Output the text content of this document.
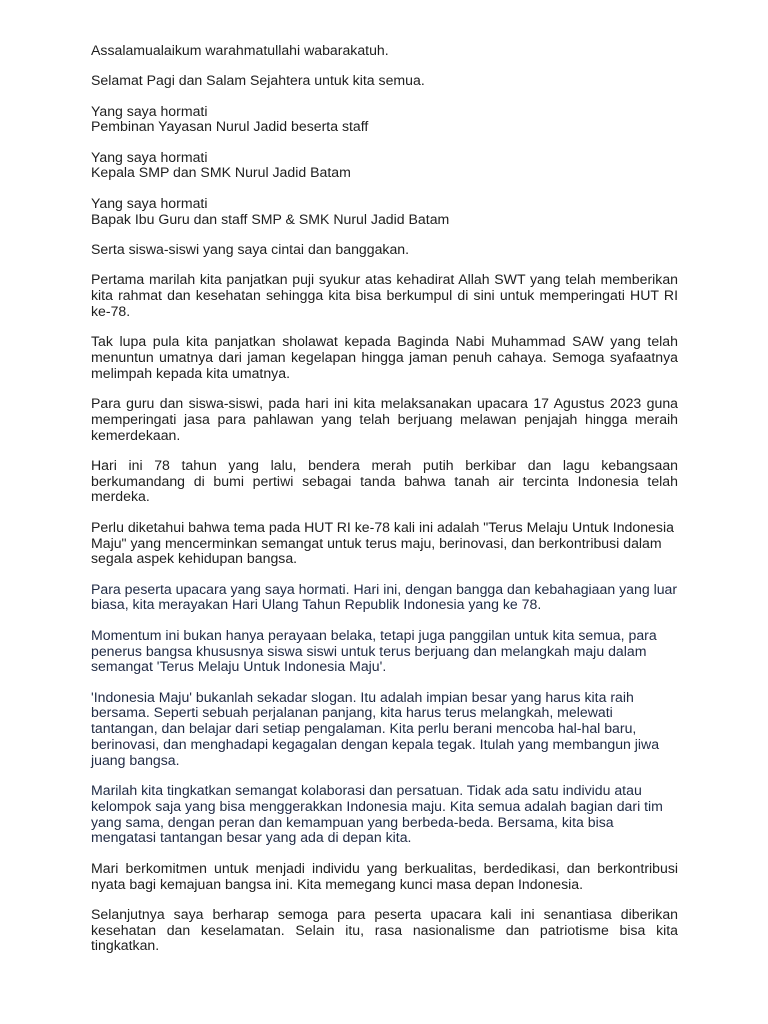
Assalamualaikum warahmatullahi wabarakatuh.

Selamat Pagi dan Salam Sejahtera untuk kita semua.

Yang saya hormati
Pembinan Yayasan Nurul Jadid beserta staff

Yang saya hormati
Kepala SMP dan SMK Nurul Jadid Batam

Yang saya hormati
Bapak Ibu Guru dan staff SMP & SMK Nurul Jadid Batam

Serta siswa-siswi yang saya cintai dan banggakan.

Pertama marilah kita panjatkan puji syukur atas kehadirat Allah SWT yang telah memberikan kita rahmat dan kesehatan sehingga kita bisa berkumpul di sini untuk memperingati HUT RI ke-78.

Tak lupa pula kita panjatkan sholawat kepada Baginda Nabi Muhammad SAW yang telah menuntun umatnya dari jaman kegelapan hingga jaman penuh cahaya. Semoga syafaatnya melimpah kepada kita umatnya.

Para guru dan siswa-siswi, pada hari ini kita melaksanakan upacara 17 Agustus 2023 guna memperingati jasa para pahlawan yang telah berjuang melawan penjajah hingga meraih kemerdekaan.

Hari ini 78 tahun yang lalu, bendera merah putih berkibar dan lagu kebangsaan berkumandang di bumi pertiwi sebagai tanda bahwa tanah air tercinta Indonesia telah merdeka.

Perlu diketahui bahwa tema pada HUT RI ke-78 kali ini adalah "Terus Melaju Untuk Indonesia Maju" yang mencerminkan semangat untuk terus maju, berinovasi, dan berkontribusi dalam segala aspek kehidupan bangsa.

Para peserta upacara yang saya hormati. Hari ini, dengan bangga dan kebahagiaan yang luar biasa, kita merayakan Hari Ulang Tahun Republik Indonesia yang ke 78.

Momentum ini bukan hanya perayaan belaka, tetapi juga panggilan untuk kita semua, para penerus bangsa khususnya siswa siswi untuk terus berjuang dan melangkah maju dalam semangat 'Terus Melaju Untuk Indonesia Maju'.

'Indonesia Maju' bukanlah sekadar slogan. Itu adalah impian besar yang harus kita raih bersama. Seperti sebuah perjalanan panjang, kita harus terus melangkah, melewati tantangan, dan belajar dari setiap pengalaman. Kita perlu berani mencoba hal-hal baru, berinovasi, dan menghadapi kegagalan dengan kepala tegak. Itulah yang membangun jiwa juang bangsa.

Marilah kita tingkatkan semangat kolaborasi dan persatuan. Tidak ada satu individu atau kelompok saja yang bisa menggerakkan Indonesia maju. Kita semua adalah bagian dari tim yang sama, dengan peran dan kemampuan yang berbeda-beda. Bersama, kita bisa mengatasi tantangan besar yang ada di depan kita.

Mari berkomitmen untuk menjadi individu yang berkualitas, berdedikasi, dan berkontribusi nyata bagi kemajuan bangsa ini. Kita memegang kunci masa depan Indonesia.

Selanjutnya saya berharap semoga para peserta upacara kali ini senantiasa diberikan kesehatan dan keselamatan. Selain itu, rasa nasionalisme dan patriotisme bisa kita tingkatkan.
